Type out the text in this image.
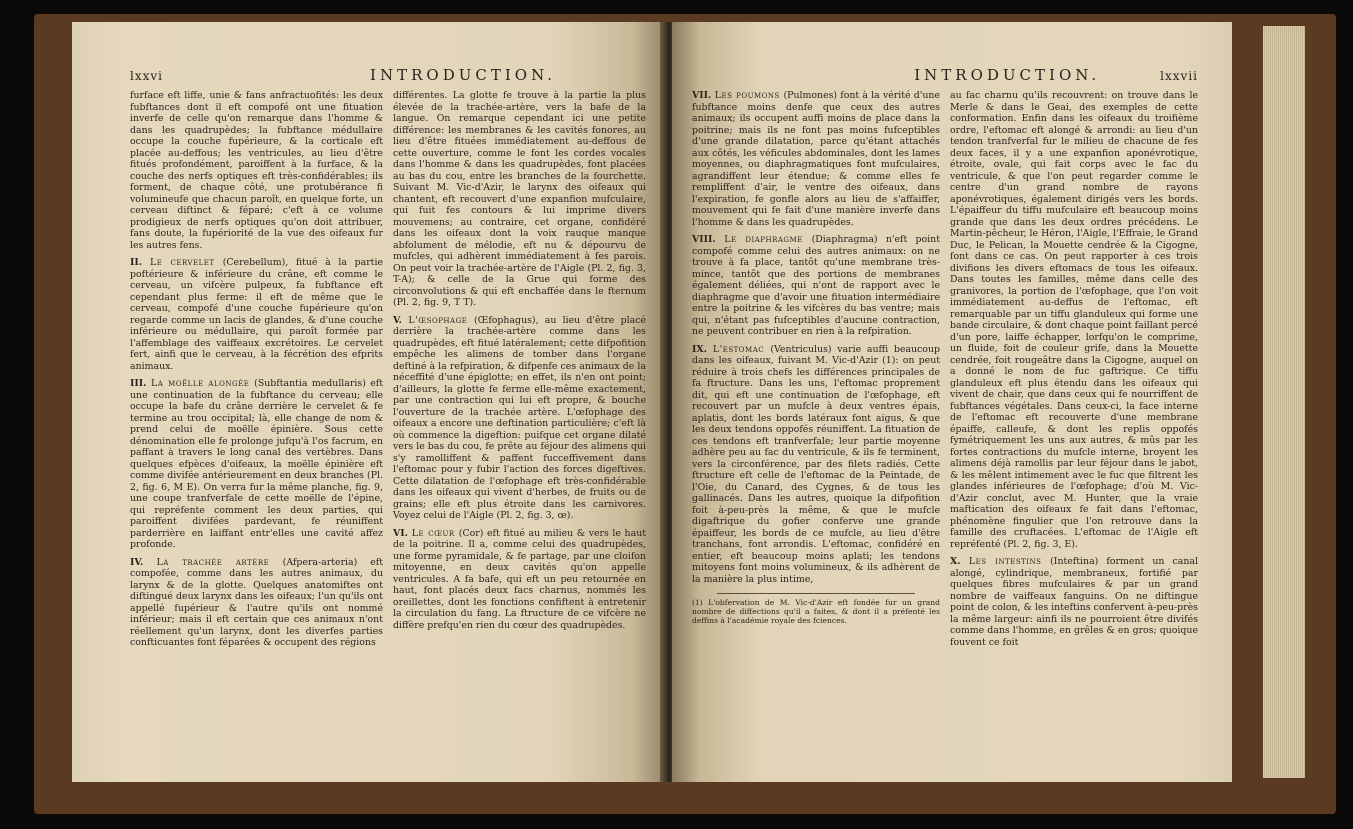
lxxvi	INTRODUCTION.

furface eft liffe, unie & fans anfractuofités: les deux fubftances dont il eft compofé ont une fituation inverfe de celle qu'on remarque dans l'homme & dans les quadrupèdes; la fubftance médullaire occupe la couche fupérieure, & la corticale eft placée au-deffous; les ventricules, au lieu d'être fitués profondément, paroiffent à la furface, & la couche des nerfs optiques eft très-confidérables; ils forment, de chaque côté, une protubérance fi volumineufe que chacun paroît, en quelque forte, un cerveau diftinct & féparé; c'eft à ce volume prodigieux de nerfs optiques qu'on doit attribuer, fans doute, la fupériorité de la vue des oifeaux fur les autres fens.

II. Le cervelet (Cerebellum), fitué à la partie poftérieure & inférieure du crâne, eft comme le cerveau, un vifcère pulpeux, fa fubftance eft cependant plus ferme: il eft de même que le cerveau, compofé d'une couche fupérieure qu'on regarde comme un lacis de glandes, & d'une couche inférieure ou médullaire, qui paroît formée par l'affemblage des vaiffeaux excrétoires. Le cervelet fert, ainfi que le cerveau, à la fécrétion des efprits animaux.

III. La moëlle alongée (Subftantia medullaris) eft une continuation de la fubftance du cerveau; elle occupe la bafe du crâne derrière le cervelet & fe termine au trou occipital; là, elle change de nom & prend celui de moëlle épinière. Sous cette dénomination elle fe prolonge jufqu'à l'os facrum, en paffant à travers le long canal des vertèbres. Dans quelques efpèces d'oifeaux, la moëlle épinière eft comme divifée antérieurement en deux branches (Pl. 2, fig. 6, M E). On verra fur la même planche, fig. 9, une coupe tranfverfale de cette moëlle de l'épine, qui repréfente comment les deux parties, qui paroiffent divifées pardevant, fe réuniffent parderrière en laiffant entr'elles une cavité affez profonde.

IV. La trachée artère (Afpera-arteria) eft compofée, comme dans les autres animaux, du larynx & de la glotte. Quelques anatomiftes ont diftingué deux larynx dans les oifeaux; l'un qu'ils ont appellé fupérieur & l'autre qu'ils ont nommé inférieur; mais il eft certain que ces animaux n'ont réellement qu'un larynx, dont les diverfes parties confticuantes font féparées & occupent des régions

différentes. La glotte fe trouve à la partie la plus élevée de la trachée-artère, vers la bafe de la langue. On remarque cependant ici une petite différence: les membranes & les cavités fonores, au lieu d'être fituées immédiatement au-deffous de cette ouverture, comme le font les cordes vocales dans l'homme & dans les quadrupèdes, font placées au bas du cou, entre les branches de la fourchette. Suivant M. Vic-d'Azir, le larynx des oifeaux qui chantent, eft recouvert d'une expanfion mufculaire, qui fuit fes contours & lui imprime divers mouvemens; au contraire, cet organe, confidéré dans les oifeaux dont la voix rauque manque abfolument de mélodie, eft nu & dépourvu de mufcles, qui adhèrent immédiatement à fes parois. On peut voir la trachée-artère de l'Aigle (Pl. 2, fig. 3, T-A); & celle de la Grue qui forme des circonvolutions & qui eft enchaffée dans le fternum (Pl. 2, fig. 9, T T).

V. L'œsophage (Œfophagus), au lieu d'être placé derrière la trachée-artère comme dans les quadrupèdes, eft fitué latéralement; cette difpofition empêche les alimens de tomber dans l'organe deftiné à la refpiration, & difpenfe ces animaux de la néceffité d'une épiglotte; en effet, ils n'en ont point; d'ailleurs, la glotte fe ferme elle-même exactement, par une contraction qui lui eft propre, & bouche l'ouverture de la trachée artère. L'œfophage des oifeaux a encore une deftination particulière; c'eft là où commence la digeftion: puifque cet organe dilaté vers le bas du cou, fe prête au féjour des alimens qui s'y ramolliffent & paffent fucceffivement dans l'eftomac pour y fubir l'action des forces digeftives. Cette dilatation de l'œfophage eft très-confidérable dans les oifeaux qui vivent d'herbes, de fruits ou de grains; elle eft plus étroite dans les carnivores. Voyez celui de l'Aigle (Pl. 2, fig. 3, œ).

VI. Le cœur (Cor) eft fitué au milieu & vers le haut de la poitrine. Il a, comme celui des quadrupèdes, une forme pyramidale, & fe partage, par une cloifon mitoyenne, en deux cavités qu'on appelle ventricules. A fa bafe, qui eft un peu retournée en haut, font placés deux facs charnus, nommés les oreillettes, dont les fonctions confiftent à entretenir la circulation du fang. La ftructure de ce vifcère ne diffère prefqu'en rien du cœur des quadrupèdes.

INTRODUCTION.	lxxvii

VII. Les poumons (Pulmones) font à la vérité d'une fubftance moins denfe que ceux des autres animaux; ils occupent auffi moins de place dans la poitrine; mais ils ne font pas moins fufceptibles d'une grande dilatation, parce qu'étant attachés aux côtés, les véficules abdominales, dont les lames moyennes, ou diaphragmatiques font mufculaires, agrandiffent leur étendue; & comme elles fe rempliffent d'air, le ventre des oifeaux, dans l'expiration, fe gonfle alors au lieu de s'affaiffer, mouvement qui fe fait d'une manière inverfe dans l'homme & dans les quadrupèdes.

VIII. Le diaphragme (Diaphragma) n'eft point compofé comme celui des autres animaux: on ne trouve à fa place, tantôt qu'une membrane très-mince, tantôt que des portions de membranes également déliées, qui n'ont de rapport avec le diaphragme que d'avoir une fituation intermédiaire entre la poitrine & les vifcères du bas ventre; mais qui, n'étant pas fufceptibles d'aucune contraction, ne peuvent contribuer en rien à la refpiration.

IX. L'estomac (Ventriculus) varie auffi beaucoup dans les oifeaux, fuivant M. Vic-d'Azir (1): on peut réduire à trois chefs les différences principales de fa ftructure. Dans les uns, l'eftomac proprement dit, qui eft une continuation de l'œfophage, eft recouvert par un mufcle à deux ventres épais, aplatis, dont les bords latéraux font aigus, & que les deux tendons oppofés réuniffent. La fituation de ces tendons eft tranfverfale; leur partie moyenne adhère peu au fac du ventricule, & ils fe terminent, vers la circonférence, par des filets radiés. Cette ftructure eft celle de l'eftomac de la Peintade, de l'Oie, du Canard, des Cygnes, & de tous les gallinacés. Dans les autres, quoique la difpofition foit à-peu-près la même, & que le mufcle digaftrique du gofier conferve une grande épaiffeur, les bords de ce mufcle, au lieu d'être tranchans, font arrondis. L'eftomac, confidéré en entier, eft beaucoup moins aplati; les tendons mitoyens font moins volumineux, & ils adhèrent de la manière la plus intime,

(1) L'obfervation de M. Vic-d'Azir eft fondée fur un grand nombre de diffections qu'il a faites, & dont il a préfenté les deffins à l'académie royale des fciences.

au fac charnu qu'ils recouvrent: on trouve dans le Merle & dans le Geai, des exemples de cette conformation. Enfin dans les oifeaux du troifième ordre, l'eftomac eft alongé & arrondi: au lieu d'un tendon tranfverfal fur le milieu de chacune de fes deux faces, il y a une expanfion aponévrotique, étroite, ovale, qui fait corps avec le fac du ventricule, & que l'on peut regarder comme le centre d'un grand nombre de rayons aponévrotiques, également dirigés vers les bords. L'épaiffeur du tiffu mufculaire eft beaucoup moins grande que dans les deux ordres précédens. Le Martin-pêcheur, le Héron, l'Aigle, l'Effraie, le Grand Duc, le Pelican, la Mouette cendrée & la Cigogne, font dans ce cas. On peut rapporter à ces trois divifions les divers eftomacs de tous les oifeaux. Dans toutes les familles, même dans celle des granivores, la portion de l'œfophage, que l'on voit immédiatement au-deffus de l'eftomac, eft remarquable par un tiffu glanduleux qui forme une bande circulaire, & dont chaque point faillant percé d'un pore, laiffe échapper, lorfqu'on le comprime, un fluide, foit de couleur grife, dans la Mouette cendrée, foit rougeâtre dans la Cigogne, auquel on a donné le nom de fuc gaftrique. Ce tiffu glanduleux eft plus étendu dans les oifeaux qui vivent de chair, que dans ceux qui fe nourriffent de fubftances végétales. Dans ceux-ci, la face interne de l'eftomac eft recouverte d'une membrane épaiffe, calleufe, & dont les replis oppofés fymétriquement les uns aux autres, & mûs par les fortes contractions du mufcle interne, broyent les alimens déjà ramollis par leur féjour dans le jabot, & les mêlent intimement avec le fuc que filtrent les glandes inférieures de l'œfophage; d'où M. Vic-d'Azir conclut, avec M. Hunter, que la vraie maftication des oifeaux fe fait dans l'eftomac, phénomène fingulier que l'on retrouve dans la famille des cruftacées. L'eftomac de l'Aigle eft repréfenté (Pl. 2, fig. 3, E).

X. Les intestins (Inteftina) forment un canal alongé, cylindrique, membraneux, fortifié par quelques fibres mufculaires & par un grand nombre de vaiffeaux fanguins. On ne diftingue point de colon, & les inteftins confervent à-peu-près la même largeur: ainfi ils ne pourroient être divifés comme dans l'homme, en grêles & en gros; quoique fouvent ce foit
